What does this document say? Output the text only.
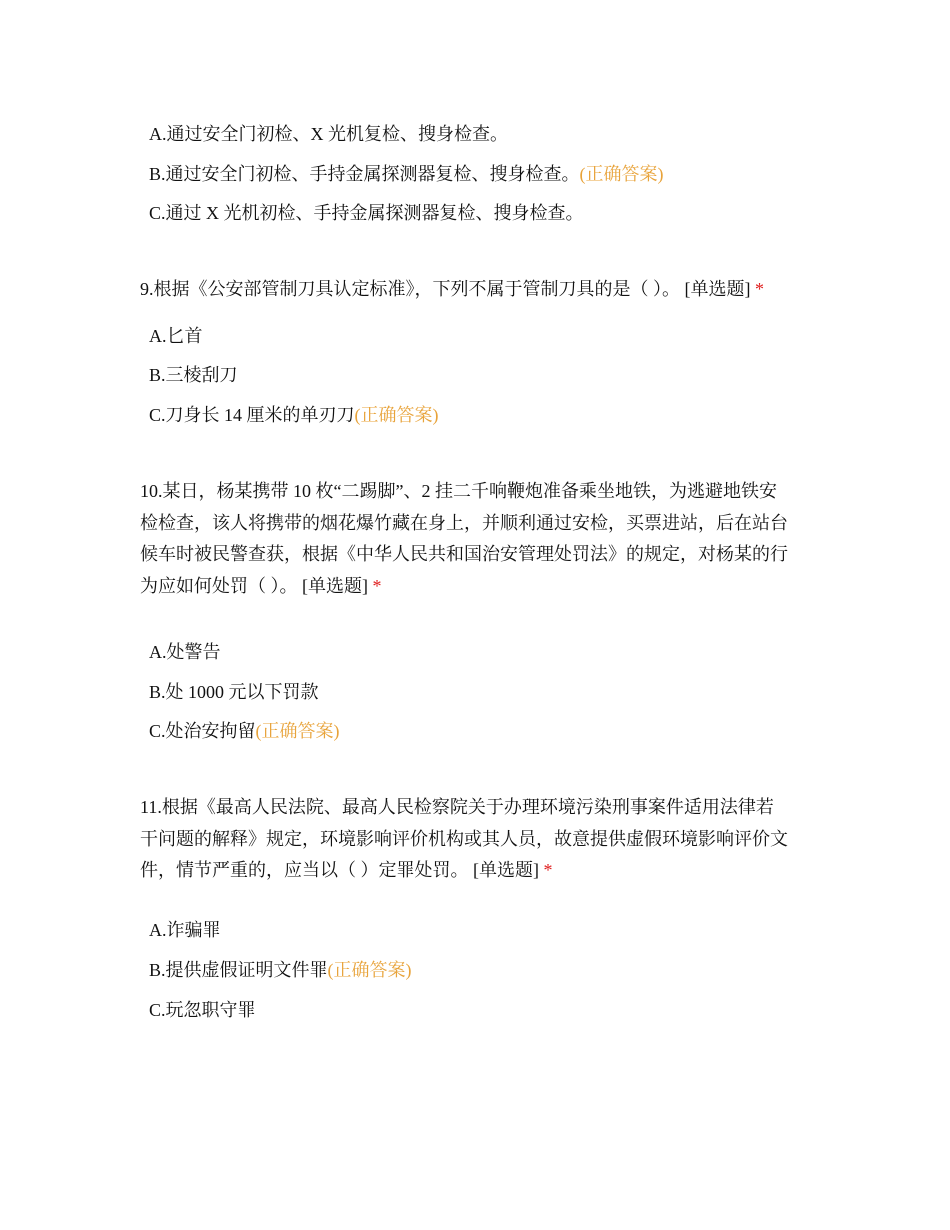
A.通过安全门初检、X 光机复检、搜身检查。
B.通过安全门初检、手持金属探测器复检、搜身检查。(正确答案)
C.通过 X 光机初检、手持金属探测器复检、搜身检查。
9.根据《公安部管制刀具认定标准》，下列不属于管制刀具的是（ ）。 [单选题] *
A.匕首
B.三棱刮刀
C.刀身长 14 厘米的单刃刀(正确答案)
10.某日，杨某携带 10 枚“二踢脚”、2 挂二千响鞭炮准备乘坐地铁，为逃避地铁安
检检查，该人将携带的烟花爆竹藏在身上，并顺利通过安检，买票进站，后在站台
候车时被民警查获，根据《中华人民共和国治安管理处罚法》的规定，对杨某的行
为应如何处罚（ ）。 [单选题] *
A.处警告
B.处 1000 元以下罚款
C.处治安拘留(正确答案)
11.根据《最高人民法院、最高人民检察院关于办理环境污染刑事案件适用法律若
干问题的解释》规定，环境影响评价机构或其人员，故意提供虚假环境影响评价文
件，情节严重的，应当以（ ）定罪处罚。 [单选题] *
A.诈骗罪
B.提供虚假证明文件罪(正确答案)
C.玩忽职守罪
